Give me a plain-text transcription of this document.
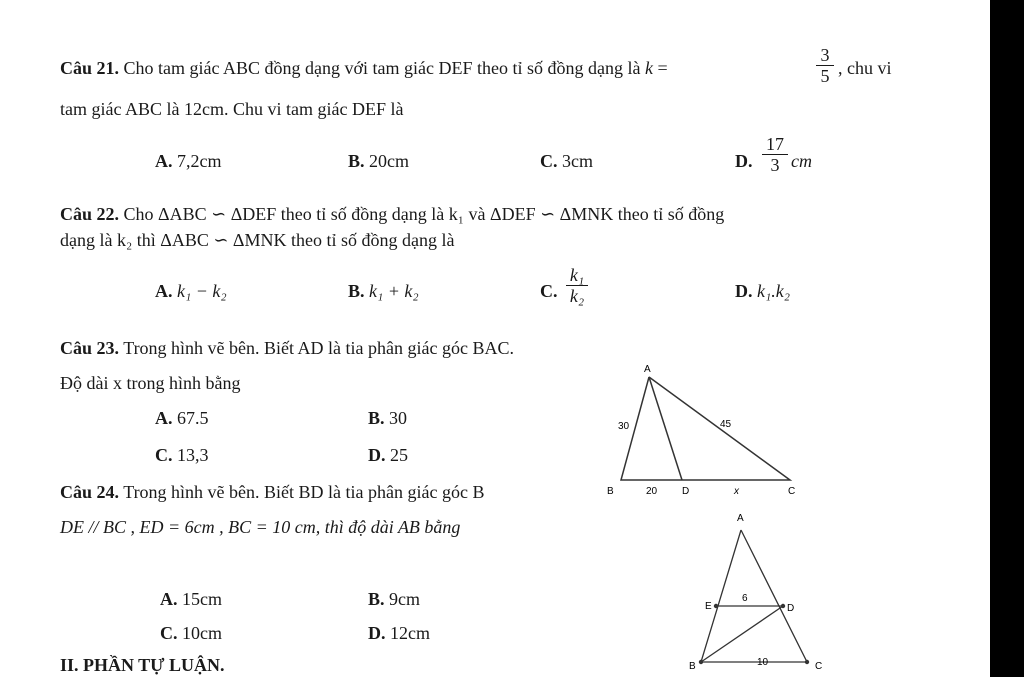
Câu 21. Cho tam giác ABC đồng dạng với tam giác DEF theo tỉ số đồng dạng là k =	$\frac{3}{5}$ , chu vi
tam giác ABC là 12cm. Chu vi tam giác DEF là
A. 7,2cm	B. 20cm	C. 3cm	D. $\frac{17}{3}$ cm
Câu 22. Cho ΔABC ∽ ΔDEF theo tỉ số đồng dạng là k₁ và ΔDEF ∽ ΔMNK theo tỉ số đồng
dạng là k₂ thì ΔABC ∽ ΔMNK theo tỉ số đồng dạng là
A. k₁ − k₂	B. k₁ + k₂	C. $\frac{\text{k₁}}{\text{k₂}}$	D. k₁.k₂
Câu 23. Trong hình vẽ bên. Biết AD là tia phân giác góc BAC.
Độ dài x trong hình bằng
A. 67.5	B. 30
C. 13,3	D. 25
A
B	C
D
30	45
20	x
Câu 24. Trong hình vẽ bên. Biết BD là tia phân giác góc B
DE // BC , ED = 6cm , BC = 10 cm, thì độ dài AB bằng
A. 15cm	B. 9cm
C. 10cm	D. 12cm
A
E	D
B	C
6
10
II. PHẦN TỰ LUẬN.
